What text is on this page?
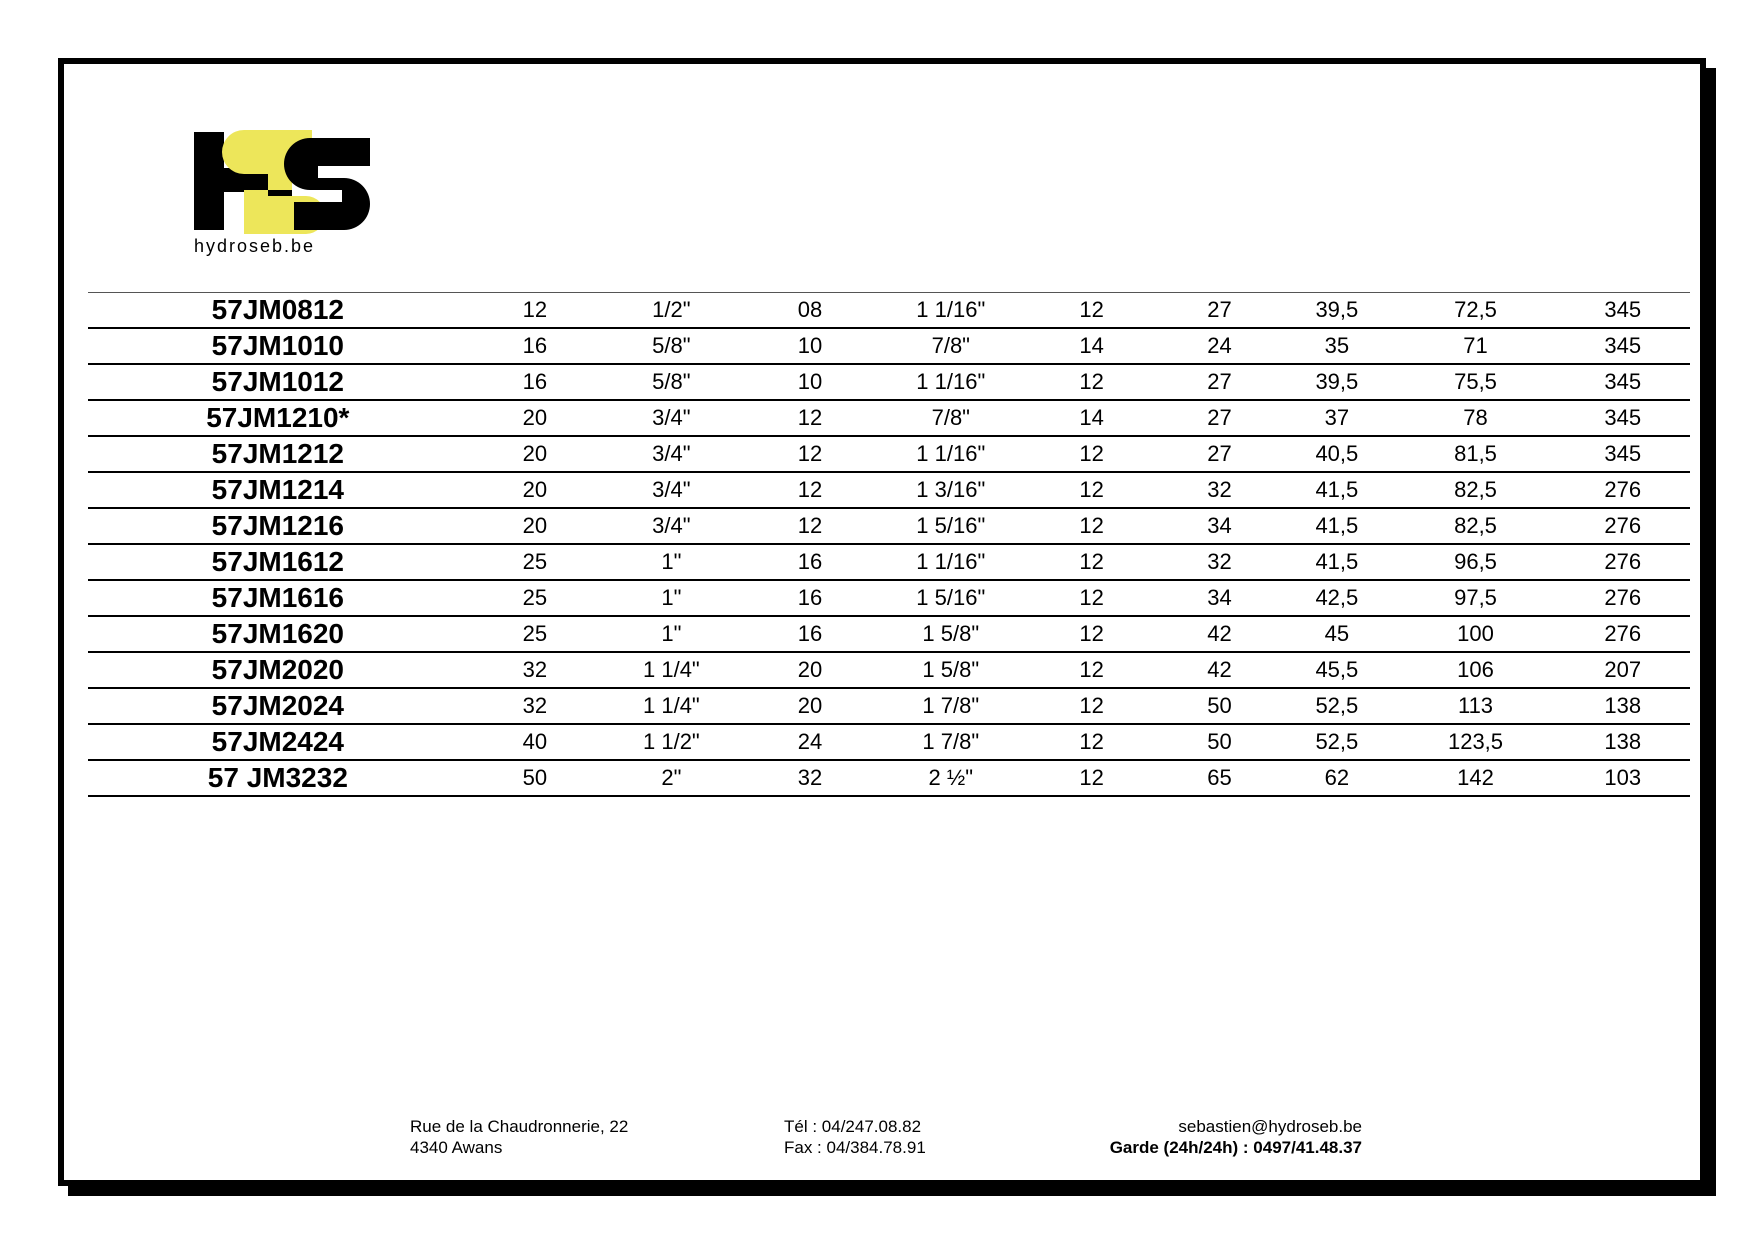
hydroseb.be
57JM0812	12	1/2"	08	1 1/16"	12	27	39,5	72,5	345
57JM1010	16	5/8"	10	7/8"	14	24	35	71	345
57JM1012	16	5/8"	10	1 1/16"	12	27	39,5	75,5	345
57JM1210*	20	3/4"	12	7/8"	14	27	37	78	345
57JM1212	20	3/4"	12	1 1/16"	12	27	40,5	81,5	345
57JM1214	20	3/4"	12	1 3/16"	12	32	41,5	82,5	276
57JM1216	20	3/4"	12	1 5/16"	12	34	41,5	82,5	276
57JM1612	25	1"	16	1 1/16"	12	32	41,5	96,5	276
57JM1616	25	1"	16	1 5/16"	12	34	42,5	97,5	276
57JM1620	25	1"	16	1 5/8"	12	42	45	100	276
57JM2020	32	1 1/4"	20	1 5/8"	12	42	45,5	106	207
57JM2024	32	1 1/4"	20	1 7/8"	12	50	52,5	113	138
57JM2424	40	1 1/2"	24	1 7/8"	12	50	52,5	123,5	138
57 JM3232	50	2"	32	2 ½"	12	65	62	142	103
Rue de la Chaudronnerie, 22
4340 Awans
Tél : 04/247.08.82
Fax : 04/384.78.91
sebastien@hydroseb.be
Garde (24h/24h) : 0497/41.48.37
